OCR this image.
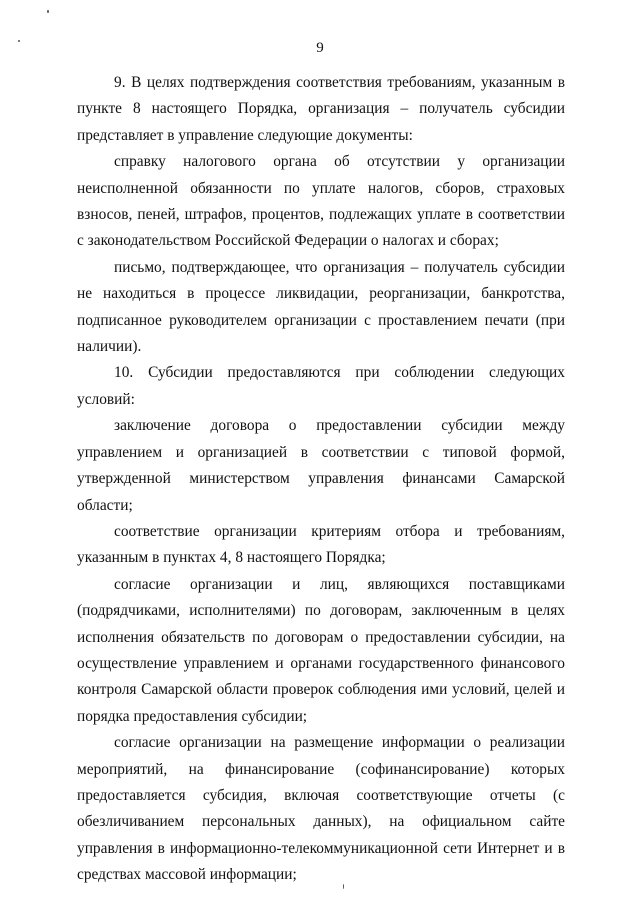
9

9. В целях подтверждения соответствия требованиям, указанным в пункте 8 настоящего Порядка, организация – получатель субсидии представляет в управление следующие документы:

справку налогового органа об отсутствии у организации неисполненной обязанности по уплате налогов, сборов, страховых взносов, пеней, штрафов, процентов, подлежащих уплате в соответствии с законодательством Российской Федерации о налогах и сборах;

письмо, подтверждающее, что организация – получатель субсидии не находиться в процессе ликвидации, реорганизации, банкротства, подписанное руководителем организации с проставлением печати (при наличии).

10. Субсидии предоставляются при соблюдении следующих условий:

заключение договора о предоставлении субсидии между управлением и организацией в соответствии с типовой формой, утвержденной министерством управления финансами Самарской области;

соответствие организации критериям отбора и требованиям, указанным в пунктах 4, 8 настоящего Порядка;

согласие организации и лиц, являющихся поставщиками (подрядчиками, исполнителями) по договорам, заключенным в целях исполнения обязательств по договорам о предоставлении субсидии, на осуществление управлением и органами государственного финансового контроля Самарской области проверок соблюдения ими условий, целей и порядка предоставления субсидии;

согласие организации на размещение информации о реализации мероприятий, на финансирование (софинансирование) которых предоставляется субсидия, включая соответствующие отчеты (с обезличиванием персональных данных), на официальном сайте управления в информационно-телекоммуникационной сети Интернет и в средствах массовой информации;
